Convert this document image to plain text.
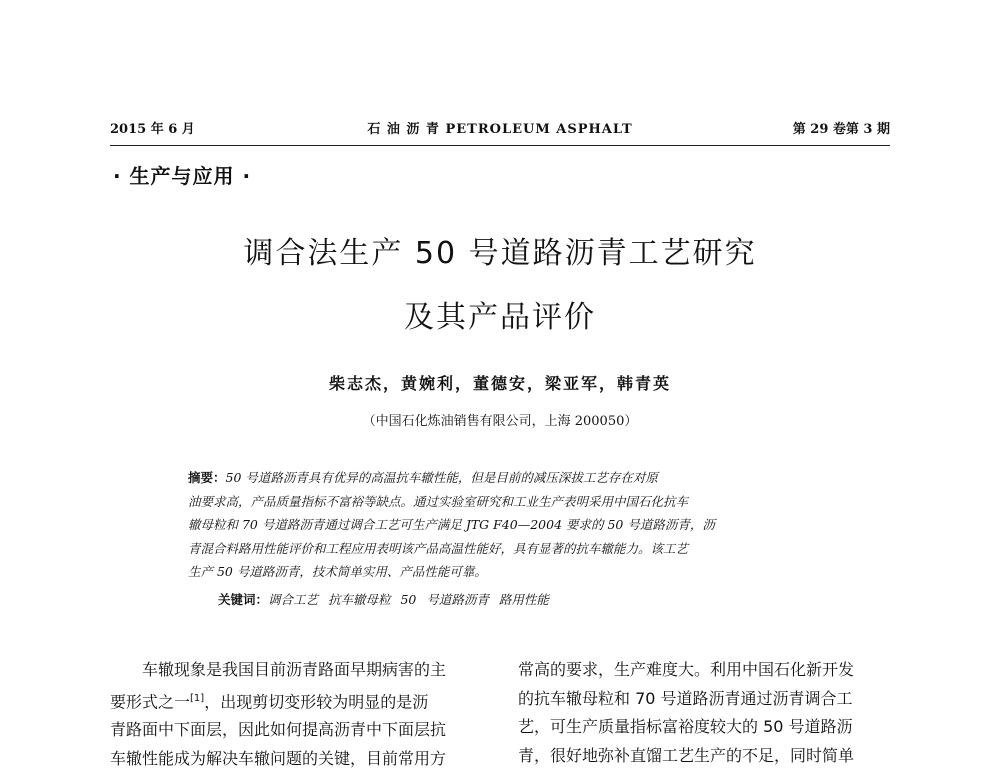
2015 年 6 月	石 油 沥 青 PETROLEUM ASPHALT	第 29 卷第 3 期
· 生产与应用 ·
调合法生产 50 号道路沥青工艺研究
及其产品评价
柴志杰，黄婉利，董德安，梁亚军，韩青英
（中国石化炼油销售有限公司，上海 200050）
摘要：50 号道路沥青具有优异的高温抗车辙性能，但是目前的减压深拔工艺存在对原
油要求高，产品质量指标不富裕等缺点。通过实验室研究和工业生产表明采用中国石化抗车
辙母粒和 70 号道路沥青通过调合工艺可生产满足 JTG F40—2004 要求的 50 号道路沥青，沥
青混合料路用性能评价和工程应用表明该产品高温性能好，具有显著的抗车辙能力。该工艺
生产 50 号道路沥青，技术简单实用、产品性能可靠。
关键词：调合工艺 抗车辙母粒 50 号道路沥青 路用性能
车辙现象是我国目前沥青路面早期病害的主
要形式之一[1]，出现剪切变形较为明显的是沥
青路面中下面层，因此如何提高沥青中下面层抗
车辙性能成为解决车辙问题的关键，目前常用方
常高的要求，生产难度大。利用中国石化新开发
的抗车辙母粒和 70 号道路沥青通过沥青调合工
艺，可生产质量指标富裕度较大的 50 号道路沥
青，很好地弥补直馏工艺生产的不足，同时简单
